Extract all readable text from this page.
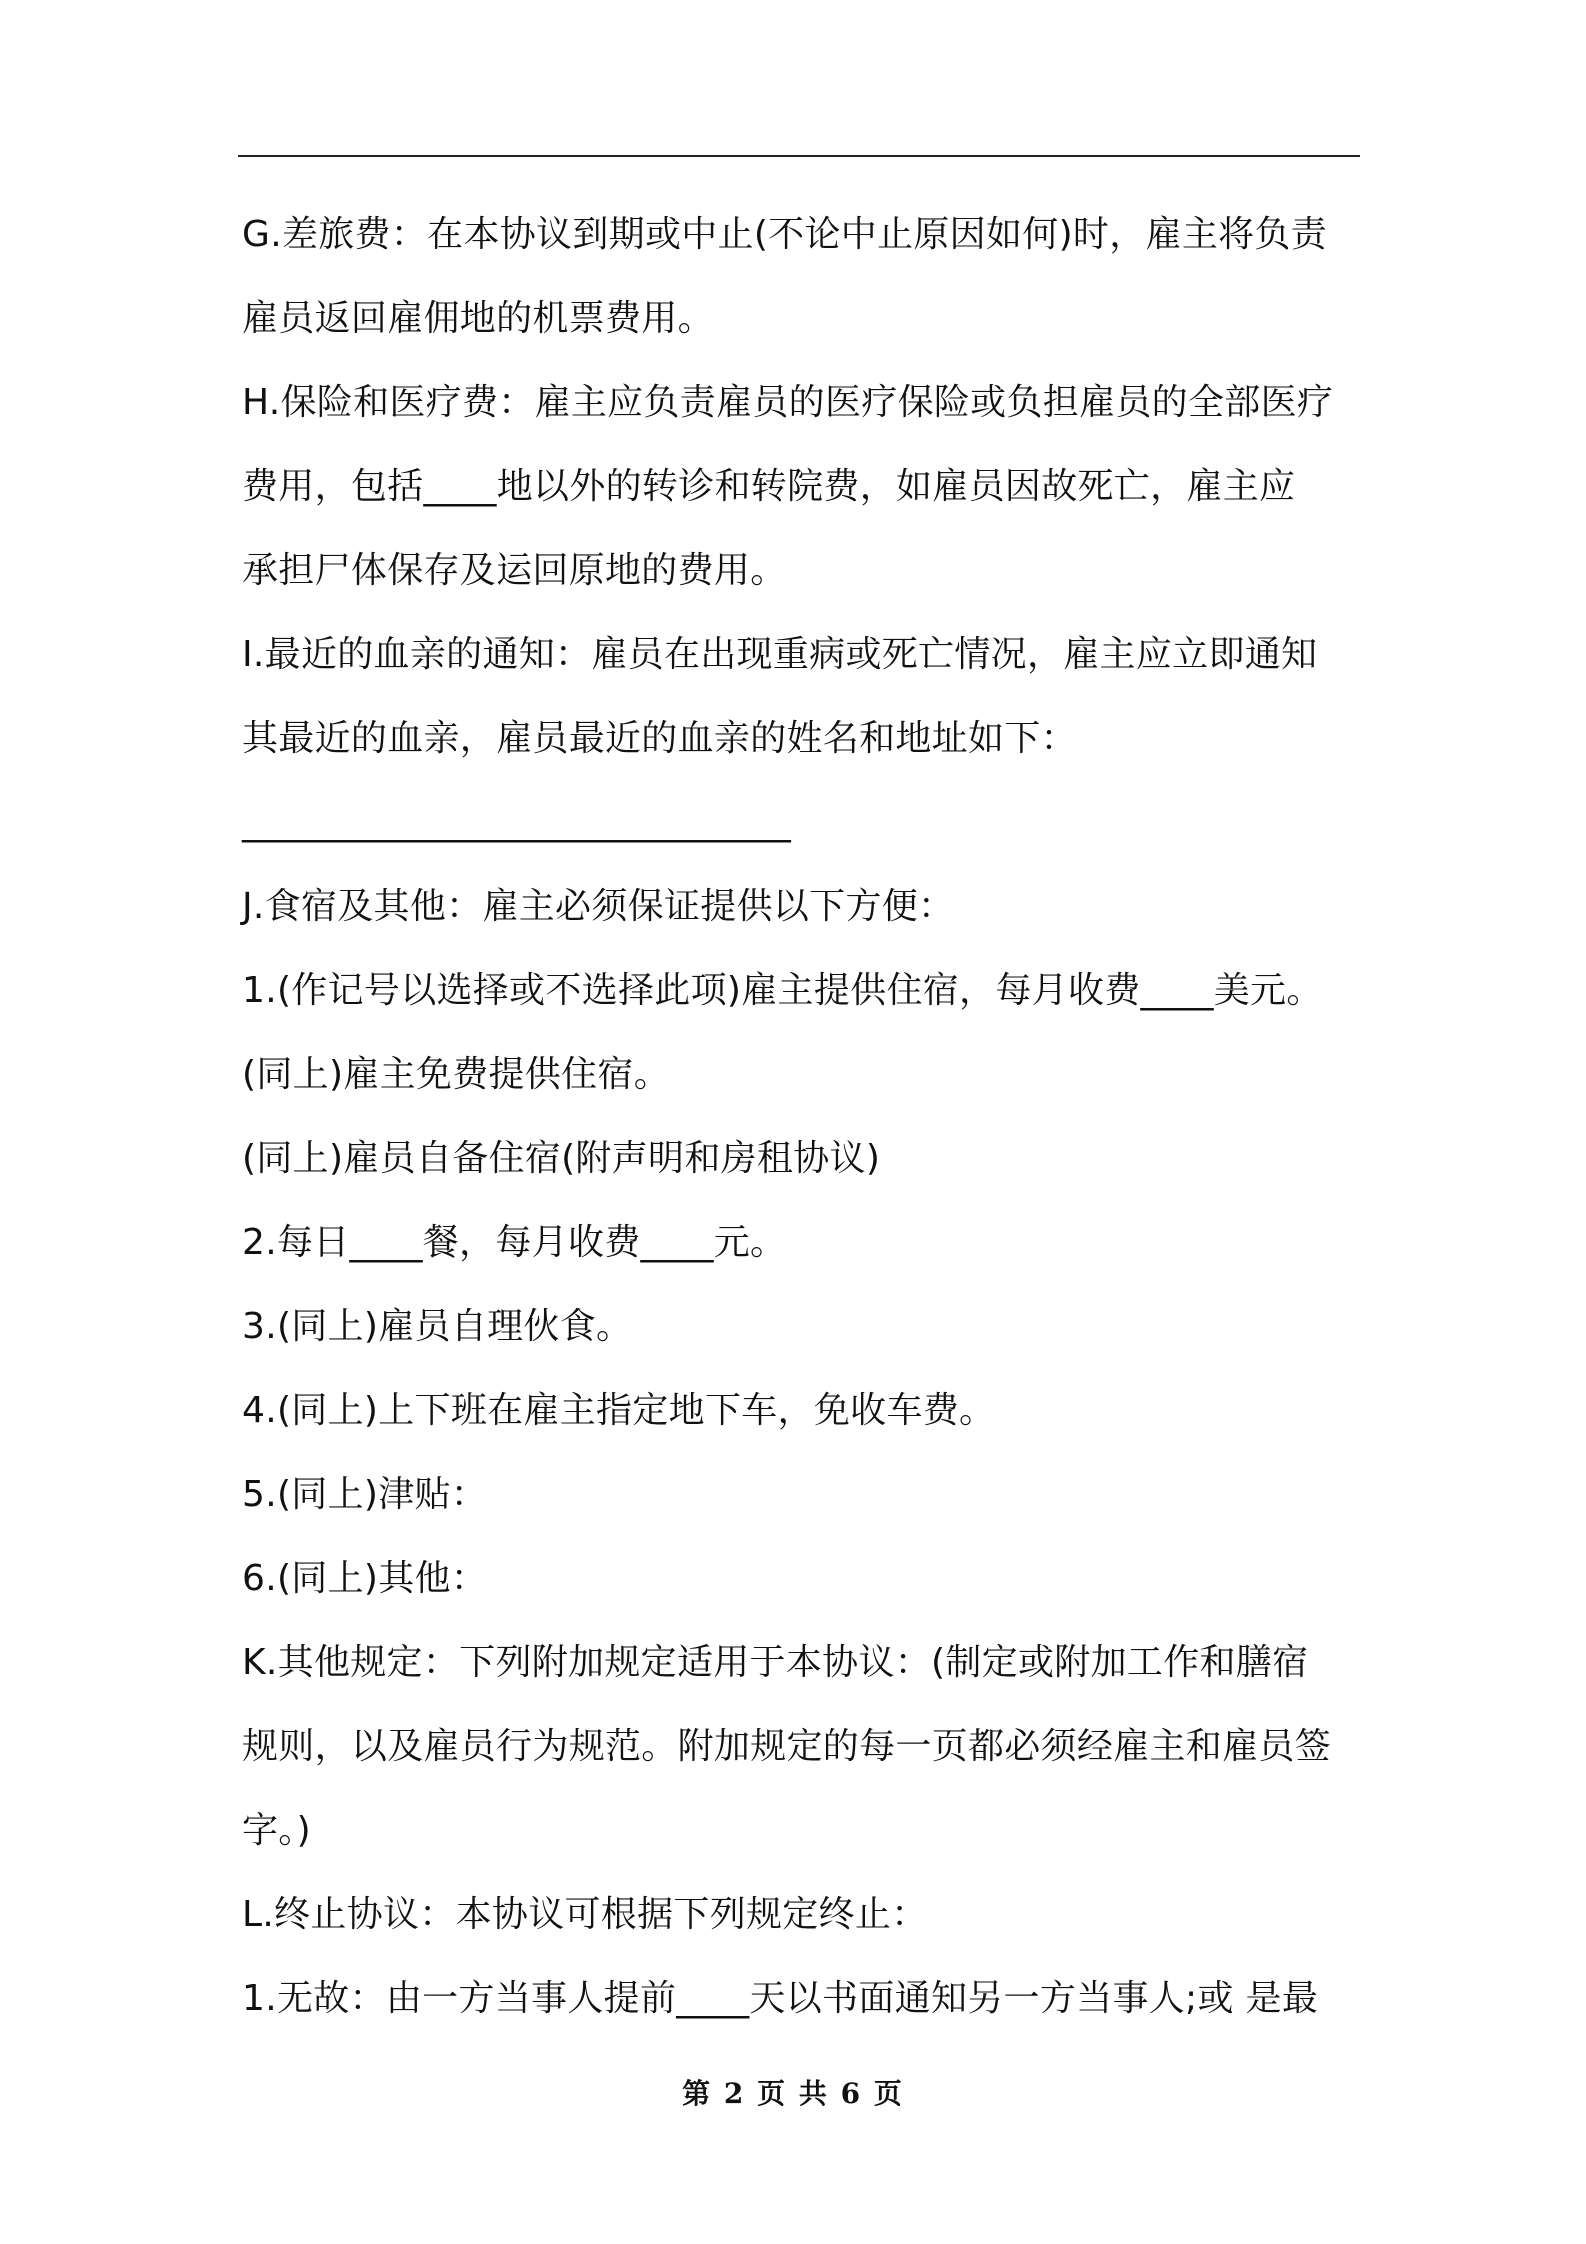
G.差旅费：在本协议到期或中止(不论中止原因如何)时，雇主将负责
雇员返回雇佣地的机票费用。
H.保险和医疗费：雇主应负责雇员的医疗保险或负担雇员的全部医疗
费用，包括____地以外的转诊和转院费，如雇员因故死亡，雇主应
承担尸体保存及运回原地的费用。
I.最近的血亲的通知：雇员在出现重病或死亡情况，雇主应立即通知
其最近的血亲，雇员最近的血亲的姓名和地址如下：
______________________________
J.食宿及其他：雇主必须保证提供以下方便：
1.(作记号以选择或不选择此项)雇主提供住宿，每月收费____美元。
(同上)雇主免费提供住宿。
(同上)雇员自备住宿(附声明和房租协议)
2.每日____餐，每月收费____元。
3.(同上)雇员自理伙食。
4.(同上)上下班在雇主指定地下车，免收车费。
5.(同上)津贴：
6.(同上)其他：
K.其他规定：下列附加规定适用于本协议：(制定或附加工作和膳宿
规则，以及雇员行为规范。附加规定的每一页都必须经雇主和雇员签
字。)
L.终止协议：本协议可根据下列规定终止：
1.无故：由一方当事人提前____天以书面通知另一方当事人;或 是最
第 2 页 共 6 页
